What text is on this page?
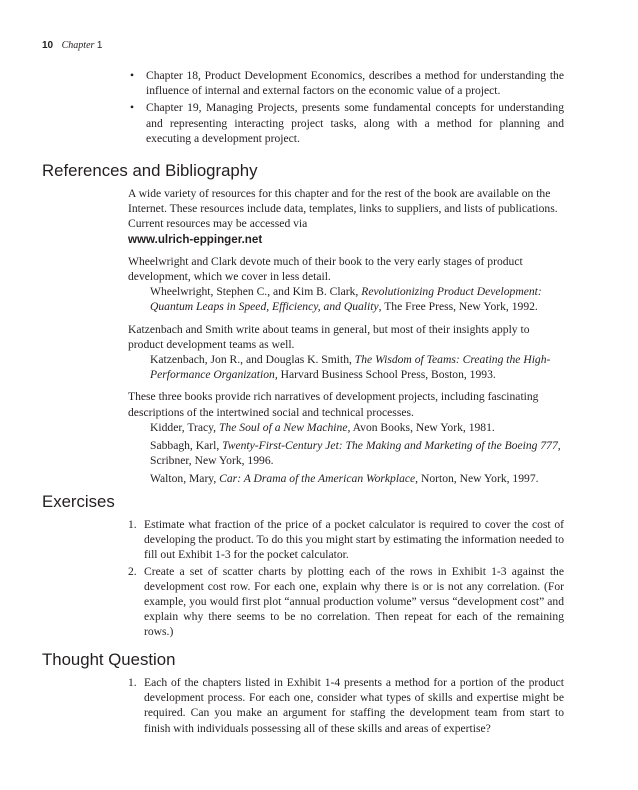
10 Chapter 1
• Chapter 18, Product Development Economics, describes a method for understanding the influence of internal and external factors on the economic value of a project.
• Chapter 19, Managing Projects, presents some fundamental concepts for understanding and representing interacting project tasks, along with a method for planning and executing a development project.
References and Bibliography

A wide variety of resources for this chapter and for the rest of the book are available on the Internet. These resources include data, templates, links to suppliers, and lists of publications. Current resources may be accessed via

www.ulrich-eppinger.net

Wheelwright and Clark devote much of their book to the very early stages of product development, which we cover in less detail.

Wheelwright, Stephen C., and Kim B. Clark, Revolutionizing Product Development: Quantum Leaps in Speed, Efficiency, and Quality, The Free Press, New York, 1992.

Katzenbach and Smith write about teams in general, but most of their insights apply to product development teams as well.

Katzenbach, Jon R., and Douglas K. Smith, The Wisdom of Teams: Creating the High-Performance Organization, Harvard Business School Press, Boston, 1993.

These three books provide rich narratives of development projects, including fascinating descriptions of the intertwined social and technical processes.

Kidder, Tracy, The Soul of a New Machine, Avon Books, New York, 1981.

Sabbagh, Karl, Twenty-First-Century Jet: The Making and Marketing of the Boeing 777, Scribner, New York, 1996.

Walton, Mary, Car: A Drama of the American Workplace, Norton, New York, 1997.

Exercises
1. Estimate what fraction of the price of a pocket calculator is required to cover the cost of developing the product. To do this you might start by estimating the information needed to fill out Exhibit 1-3 for the pocket calculator.
2. Create a set of scatter charts by plotting each of the rows in Exhibit 1-3 against the development cost row. For each one, explain why there is or is not any correlation. (For example, you would first plot “annual production volume” versus “development cost” and explain why there seems to be no correlation. Then repeat for each of the remaining rows.)
Thought Question
1. Each of the chapters listed in Exhibit 1-4 presents a method for a portion of the product development process. For each one, consider what types of skills and expertise might be required. Can you make an argument for staffing the development team from start to finish with individuals possessing all of these skills and areas of expertise?
